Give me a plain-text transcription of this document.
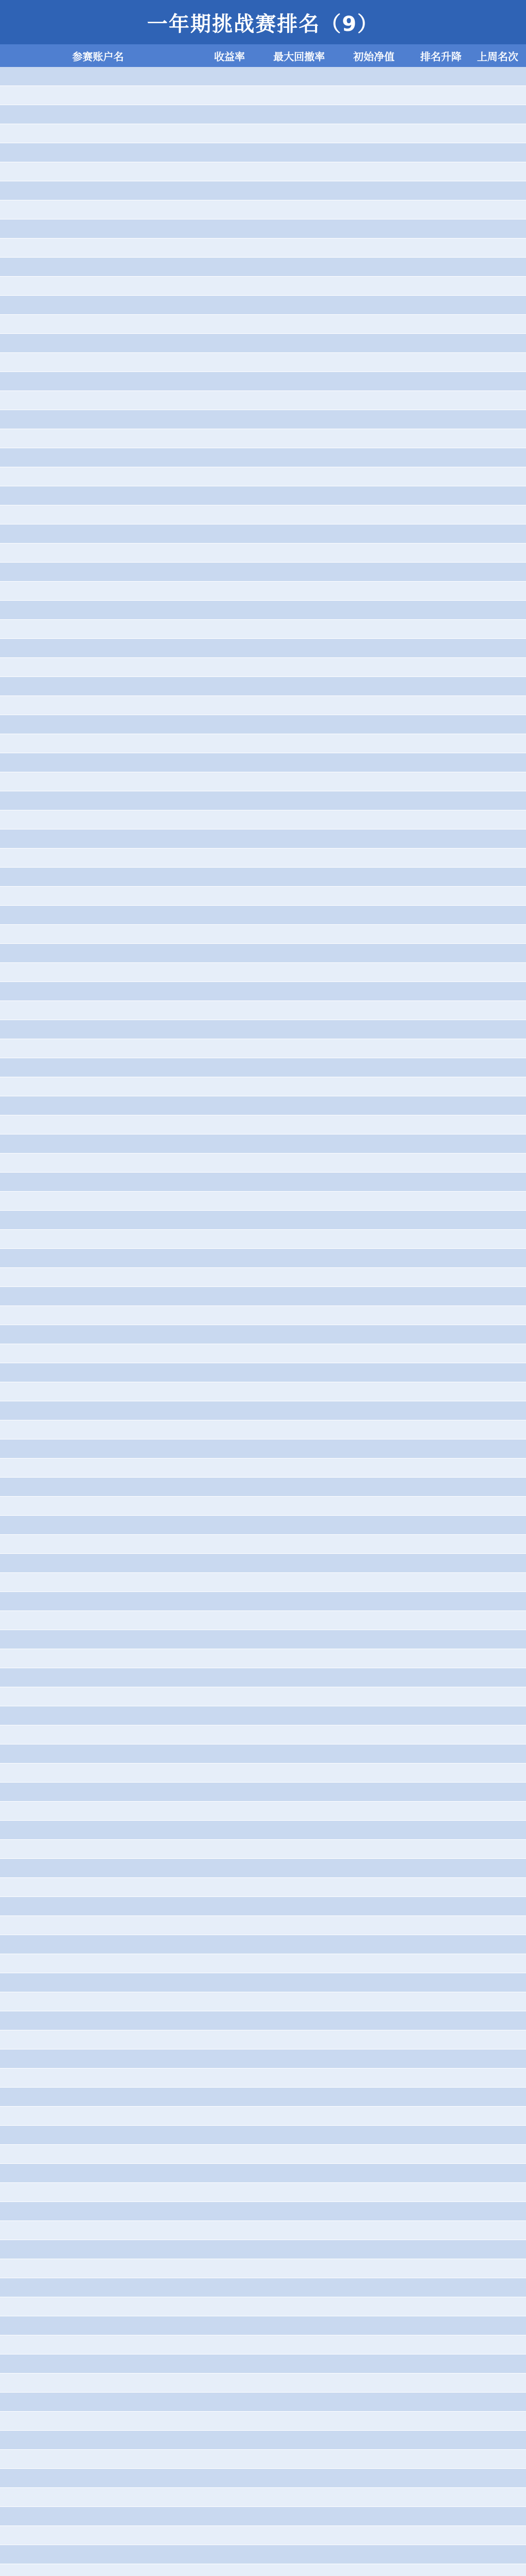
一年期挑战赛排名（9）
参赛账户名	收益率	最大回撤率	初始净值	排名升降	上周名次
